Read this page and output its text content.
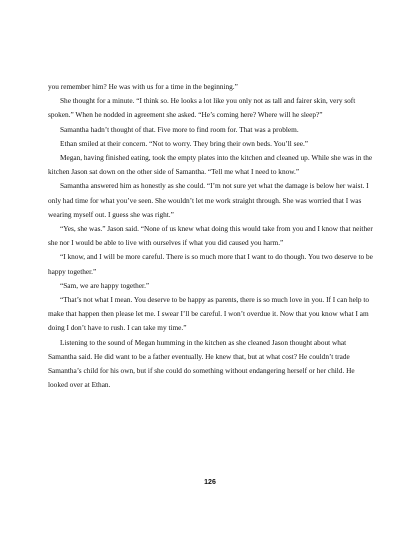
you remember him? He was with us for a time in the beginning.”

She thought for a minute. “I think so. He looks a lot like you only not as tall and fairer skin, very soft spoken.” When he nodded in agreement she asked. “He’s coming here? Where will he sleep?”

Samantha hadn’t thought of that. Five more to find room for. That was a problem.

Ethan smiled at their concern. “Not to worry. They bring their own beds. You’ll see.”

Megan, having finished eating, took the empty plates into the kitchen and cleaned up. While she was in the kitchen Jason sat down on the other side of Samantha. “Tell me what I need to know.”

Samantha answered him as honestly as she could. “I’m not sure yet what the damage is below her waist. I only had time for what you’ve seen. She wouldn’t let me work straight through. She was worried that I was wearing myself out. I guess she was right.”

“Yes, she was.” Jason said. “None of us knew what doing this would take from you and I know that neither she nor I would be able to live with ourselves if what you did caused you harm.”

“I know, and I will be more careful. There is so much more that I want to do though. You two deserve to be happy together.”

“Sam, we are happy together.”

“That’s not what I mean. You deserve to be happy as parents, there is so much love in you. If I can help to make that happen then please let me. I swear I’ll be careful. I won’t overdue it. Now that you know what I am doing I don’t have to rush. I can take my time.”

Listening to the sound of Megan humming in the kitchen as she cleaned Jason thought about what Samantha said. He did want to be a father eventually. He knew that, but at what cost? He couldn’t trade Samantha’s child for his own, but if she could do something without endangering herself or her child. He looked over at Ethan.

126
